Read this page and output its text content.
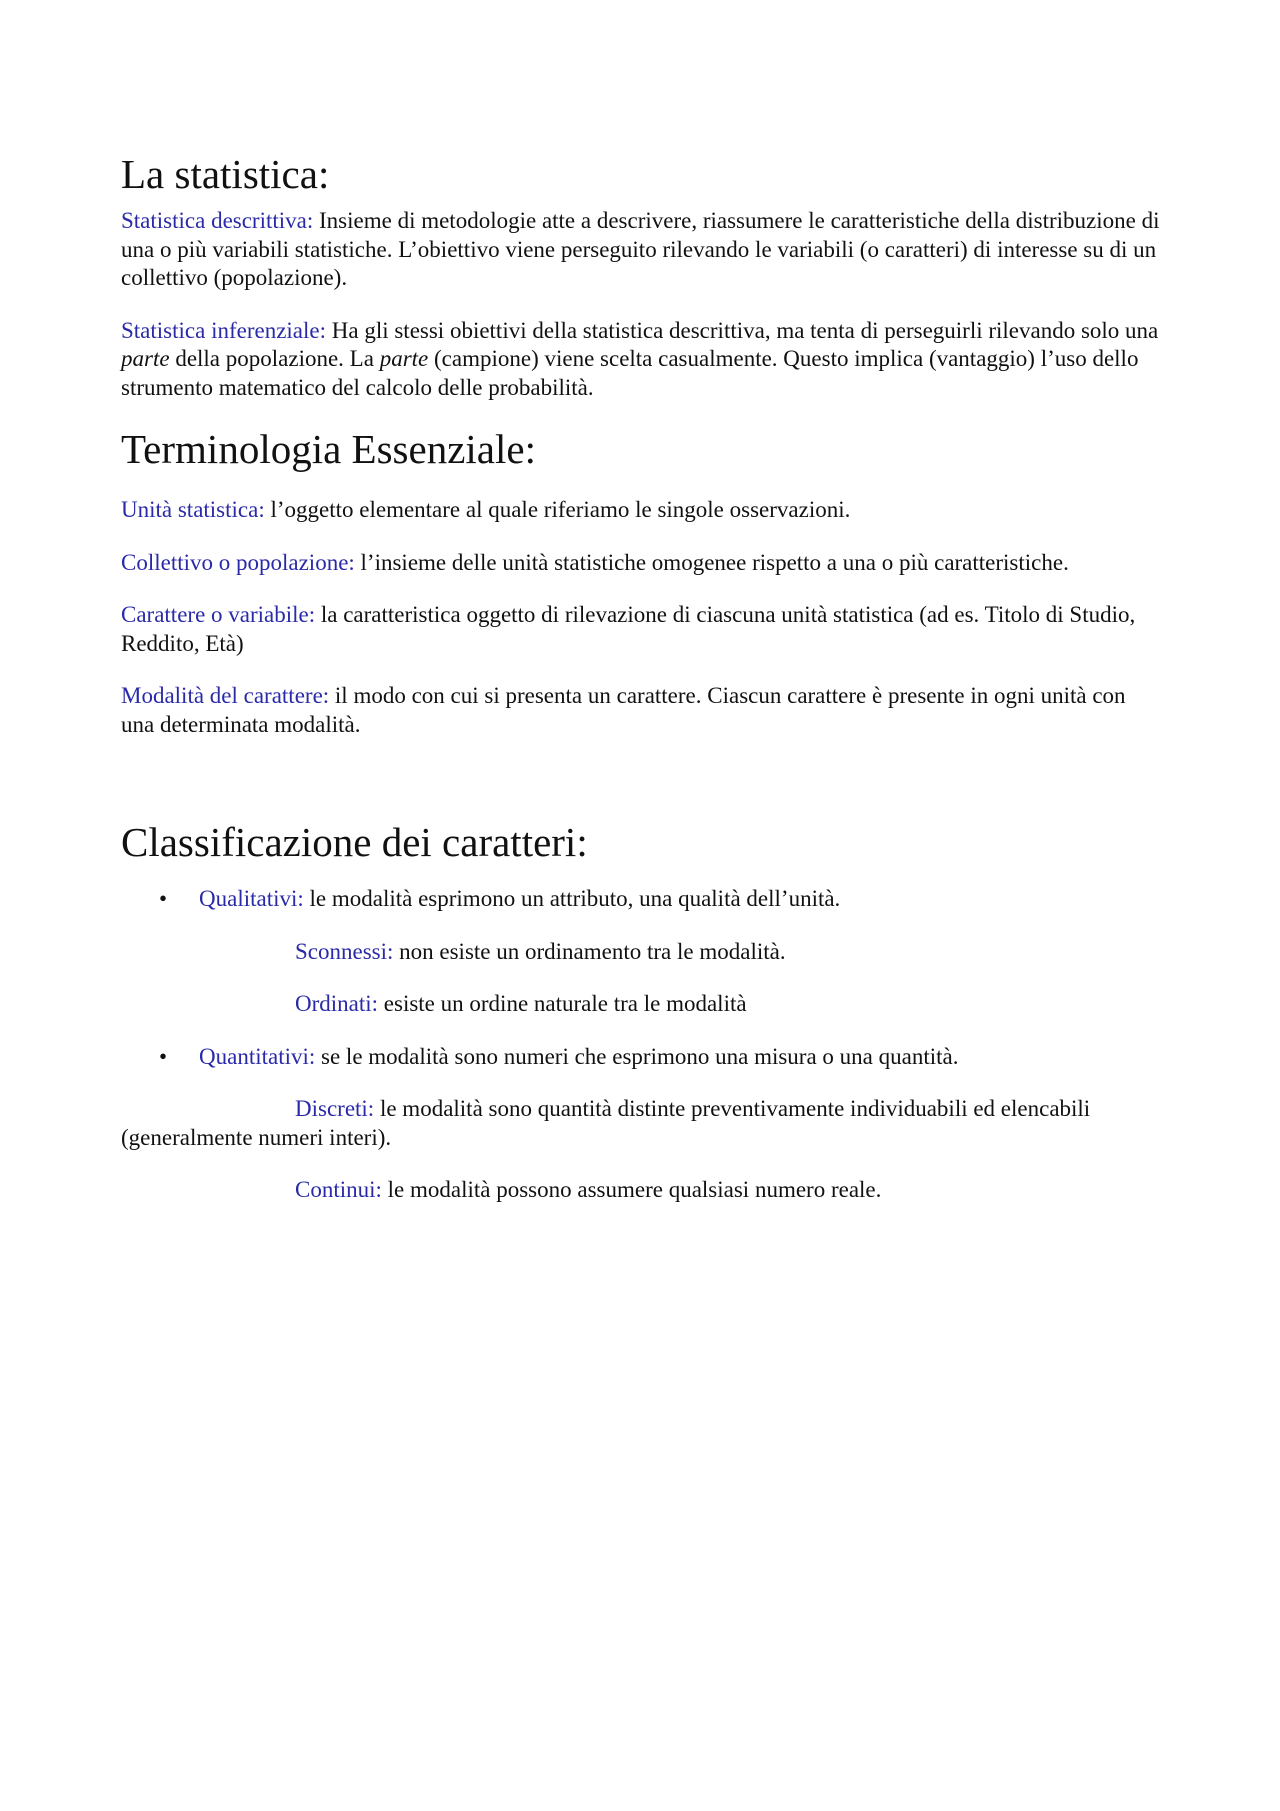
La statistica:

Statistica descrittiva: Insieme di metodologie atte a descrivere, riassumere le caratteristiche della distribuzione di una o più variabili statistiche. L’obiettivo viene perseguito rilevando le variabili (o caratteri) di interesse su di un collettivo (popolazione).

Statistica inferenziale: Ha gli stessi obiettivi della statistica descrittiva, ma tenta di perseguirli rilevando solo una parte della popolazione. La parte (campione) viene scelta casualmente. Questo implica (vantaggio) l’uso dello strumento matematico del calcolo delle probabilità.

Terminologia Essenziale:

Unità statistica: l’oggetto elementare al quale riferiamo le singole osservazioni.

Collettivo o popolazione: l’insieme delle unità statistiche omogenee rispetto a una o più caratteristiche.

Carattere o variabile: la caratteristica oggetto di rilevazione di ciascuna unità statistica (ad es. Titolo di Studio, Reddito, Età)

Modalità del carattere: il modo con cui si presenta un carattere. Ciascun carattere è presente in ogni unità con una determinata modalità.

Classificazione dei caratteri:

• Qualitativi: le modalità esprimono un attributo, una qualità dell’unità.

Sconnessi: non esiste un ordinamento tra le modalità.

Ordinati: esiste un ordine naturale tra le modalità

• Quantitativi: se le modalità sono numeri che esprimono una misura o una quantità.

Discreti: le modalità sono quantità distinte preventivamente individuabili ed elencabili (generalmente numeri interi).

Continui: le modalità possono assumere qualsiasi numero reale.
